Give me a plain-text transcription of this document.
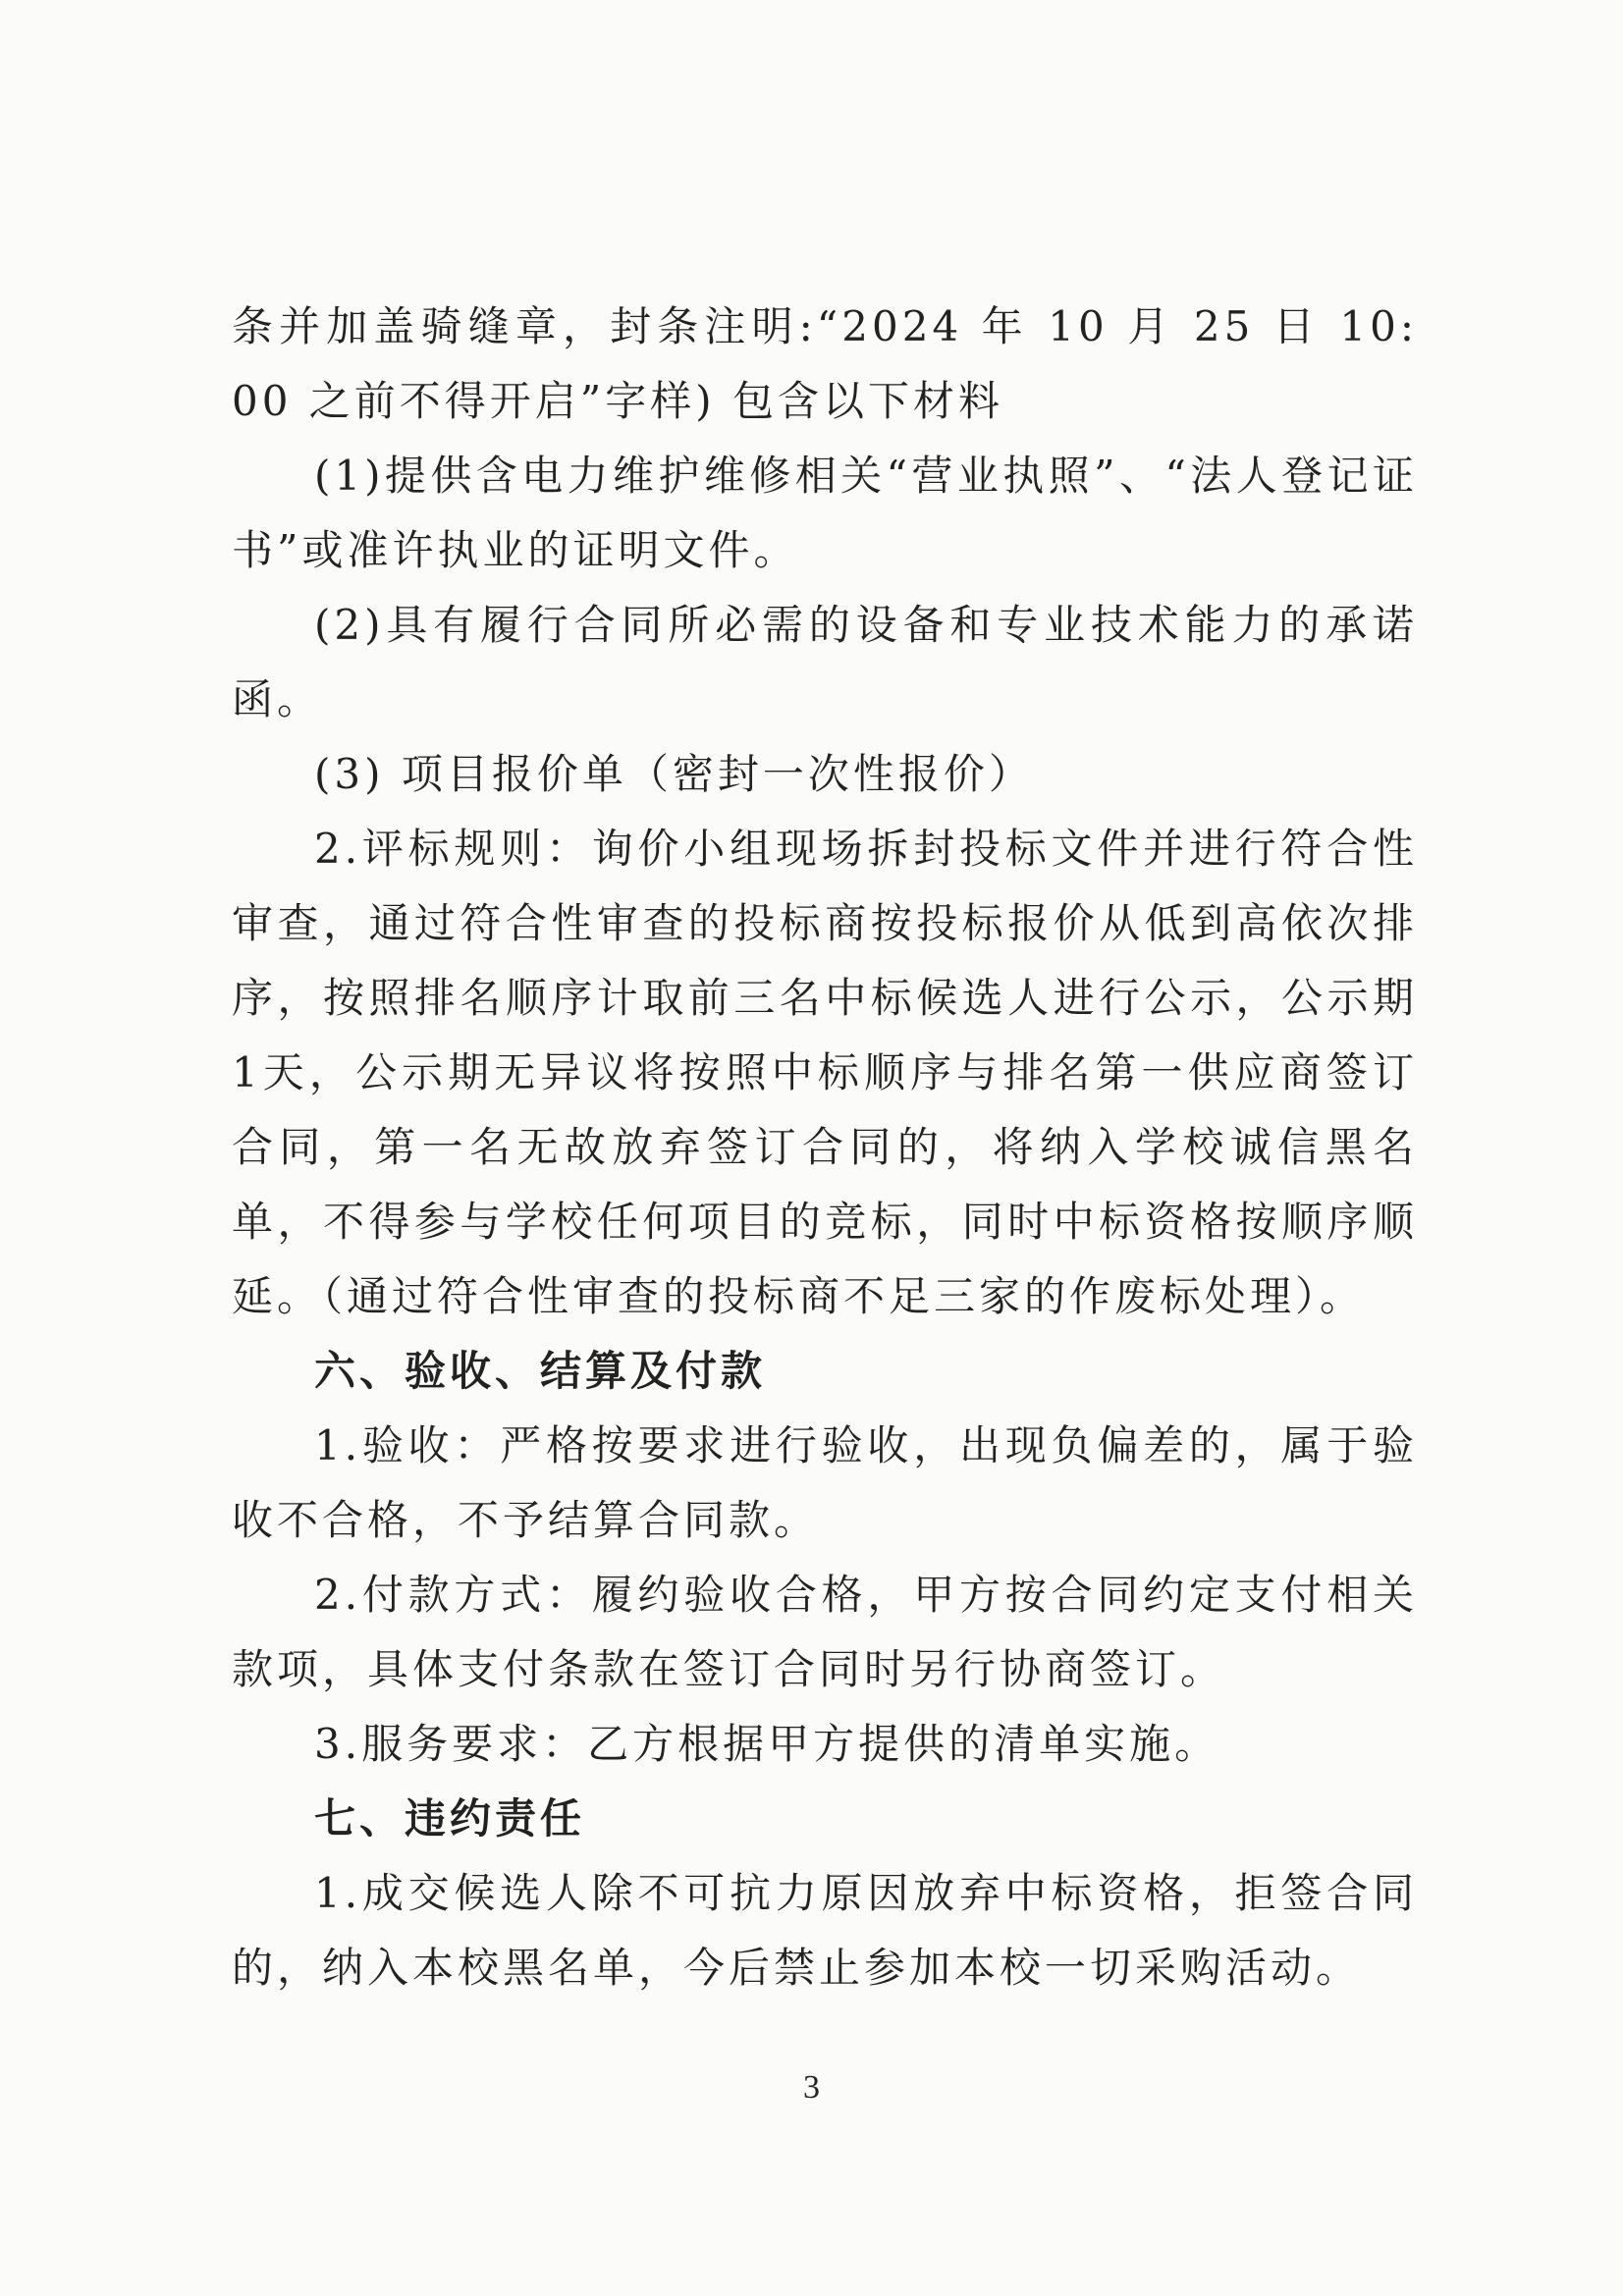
条并加盖骑缝章，封条注明:“2024 年 10 月 25 日 10: 00 之前不得开启”字样) 包含以下材料

(1)提供含电力维护维修相关“营业执照”、“法人登记证书”或准许执业的证明文件。

(2)具有履行合同所必需的设备和专业技术能力的承诺函。

(3) 项目报价单（密封一次性报价）

2.评标规则：询价小组现场拆封投标文件并进行符合性审查，通过符合性审查的投标商按投标报价从低到高依次排序，按照排名顺序计取前三名中标候选人进行公示，公示期1天，公示期无异议将按照中标顺序与排名第一供应商签订合同，第一名无故放弃签订合同的，将纳入学校诚信黑名单，不得参与学校任何项目的竞标，同时中标资格按顺序顺延。（通过符合性审查的投标商不足三家的作废标处理）。

六、验收、结算及付款

1.验收：严格按要求进行验收，出现负偏差的，属于验收不合格，不予结算合同款。

2.付款方式：履约验收合格，甲方按合同约定支付相关款项，具体支付条款在签订合同时另行协商签订。

3.服务要求：乙方根据甲方提供的清单实施。

七、违约责任

1.成交候选人除不可抗力原因放弃中标资格，拒签合同的，纳入本校黑名单，今后禁止参加本校一切采购活动。

3
